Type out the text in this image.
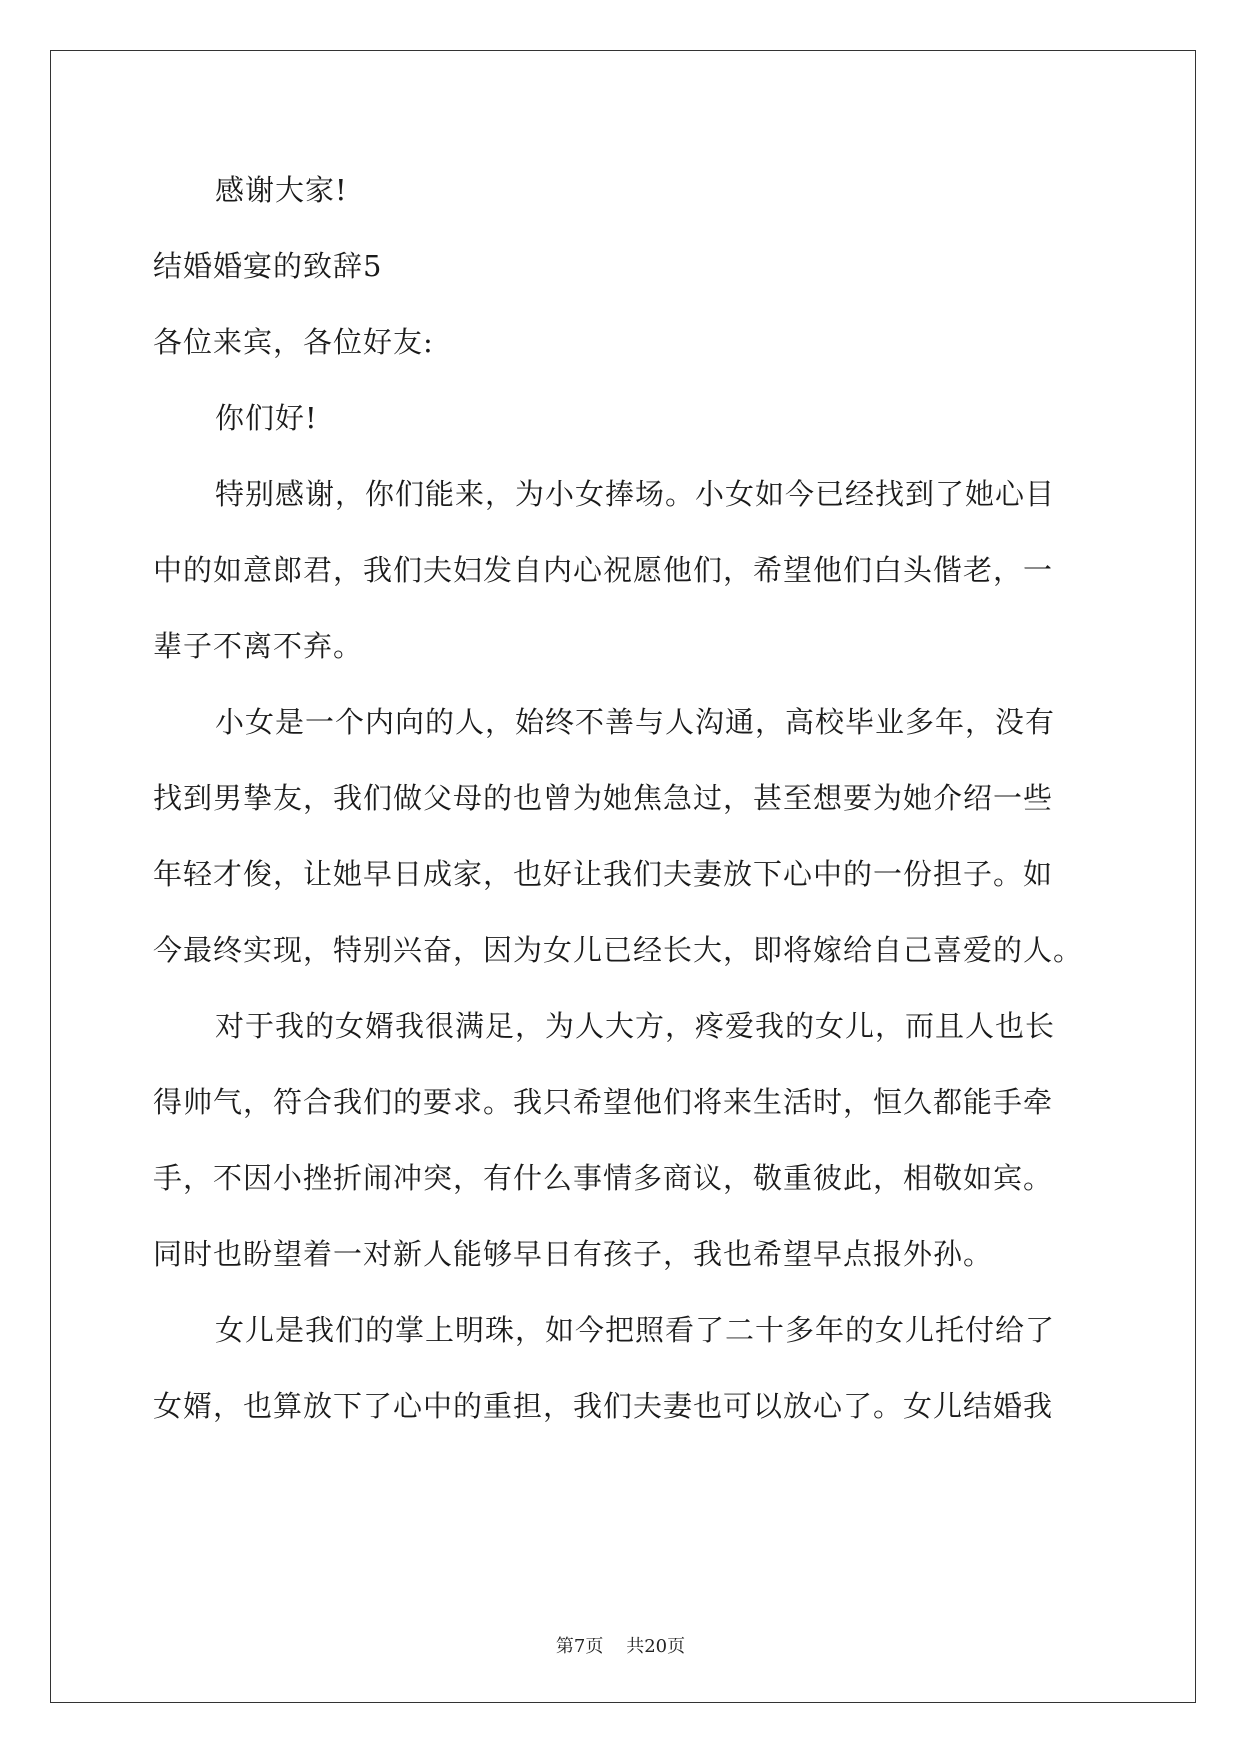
感谢大家!
结婚婚宴的致辞5
各位来宾，各位好友:
你们好!
特别感谢，你们能来，为小女捧场。小女如今已经找到了她心目
中的如意郎君，我们夫妇发自内心祝愿他们，希望他们白头偕老，一
辈子不离不弃。
小女是一个内向的人，始终不善与人沟通，高校毕业多年，没有
找到男挚友，我们做父母的也曾为她焦急过，甚至想要为她介绍一些
年轻才俊，让她早日成家，也好让我们夫妻放下心中的一份担子。如
今最终实现，特别兴奋，因为女儿已经长大，即将嫁给自己喜爱的人。
对于我的女婿我很满足，为人大方，疼爱我的女儿，而且人也长
得帅气，符合我们的要求。我只希望他们将来生活时，恒久都能手牵
手，不因小挫折闹冲突，有什么事情多商议，敬重彼此，相敬如宾。
同时也盼望着一对新人能够早日有孩子，我也希望早点报外孙。
女儿是我们的掌上明珠，如今把照看了二十多年的女儿托付给了
女婿，也算放下了心中的重担，我们夫妻也可以放心了。女儿结婚我
第7页    共20页
